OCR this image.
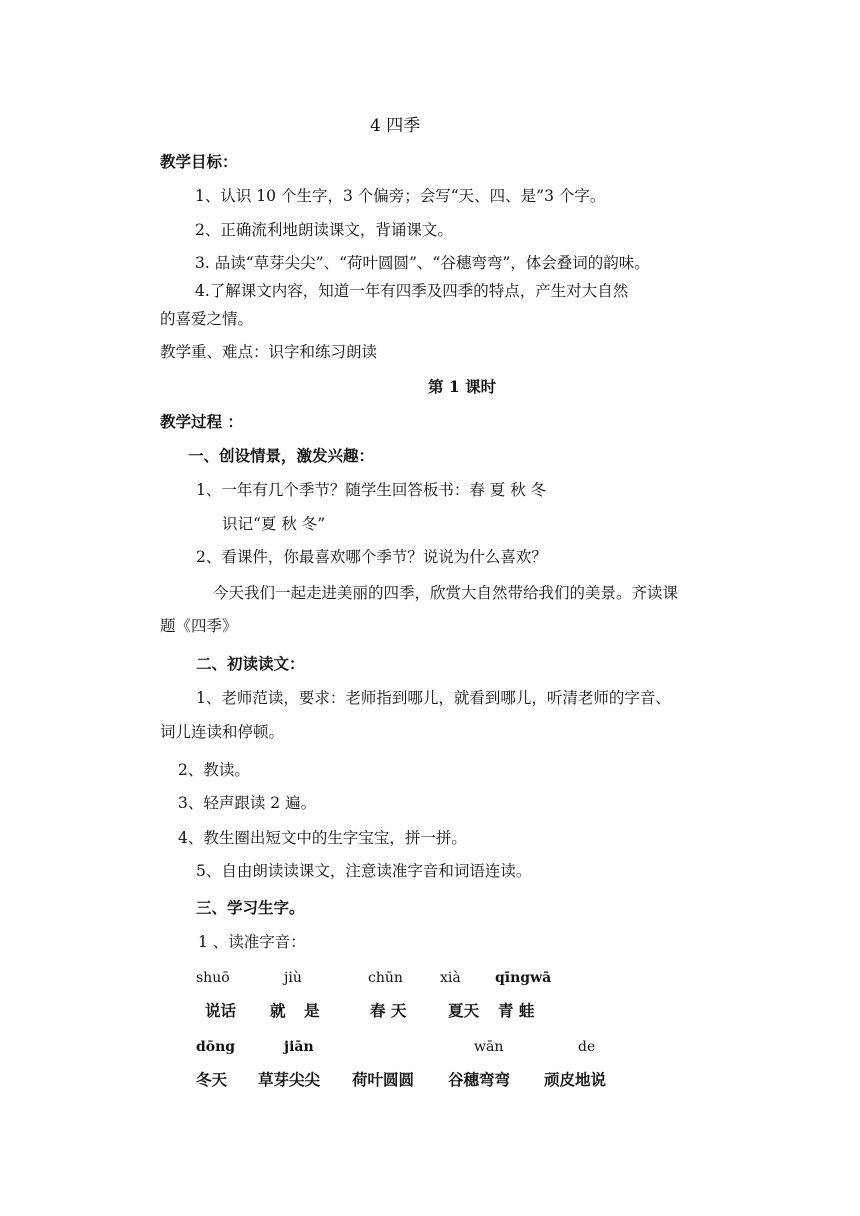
4 四季
教学目标：
1、认识 10 个生字，3 个偏旁；会写“天、四、是”3 个字。
2、正确流利地朗读课文，背诵课文。
3. 品读“草芽尖尖”、“荷叶圆圆”、“谷穗弯弯”，体会叠词的韵味。
4.了解课文内容，知道一年有四季及四季的特点，产生对大自然
的喜爱之情。
教学重、难点：识字和练习朗读
第 1 课时
教学过程 ：
一、创设情景，激发兴趣：
1、一年有几个季节？随学生回答板书：春 夏 秋 冬
识记“夏 秋 冬”
2、看课件，你最喜欢哪个季节？说说为什么喜欢？
今天我们一起走进美丽的四季，欣赏大自然带给我们的美景。齐读课
题《四季》
二、初读读文：
1、老师范读，要求：老师指到哪儿，就看到哪儿，听清老师的字音、
词儿连读和停顿。
2、教读。
3、轻声跟读 2 遍。
4、教生圈出短文中的生字宝宝，拼一拼。
5、自由朗读读课文，注意读准字音和词语连读。
三、学习生字。
1 、读准字音：
shuō	jiù	chūn	xià qīngwā
说话 就 是	春 天	夏天 青 蛙
dōng	jiān	wān	de
冬天 草芽尖尖 荷叶圆圆 谷穗弯弯 顽皮地说
